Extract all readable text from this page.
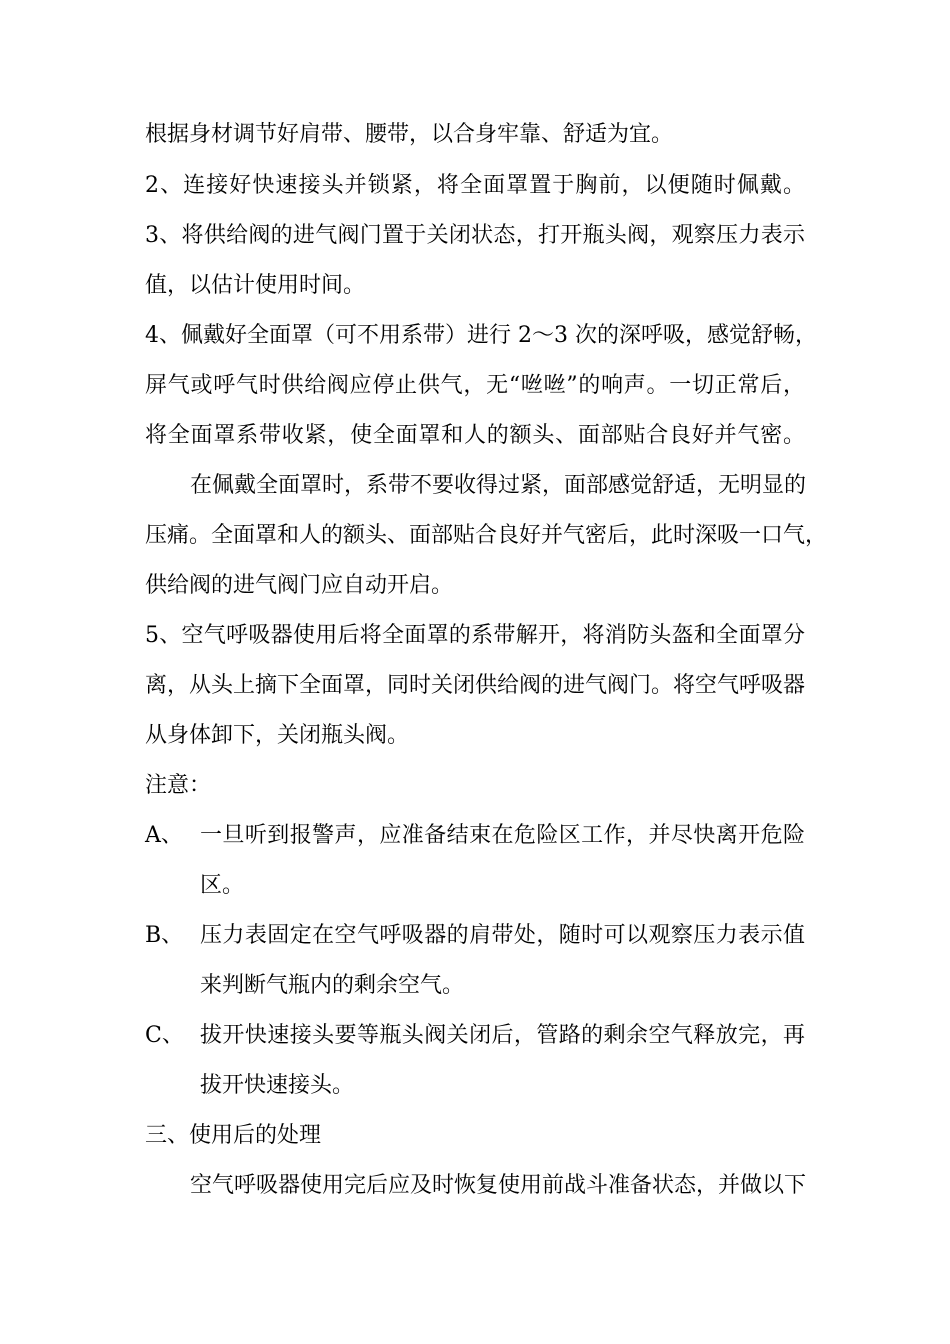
根据身材调节好肩带、腰带，以合身牢靠、舒适为宜。
2、连接好快速接头并锁紧，将全面罩置于胸前，以便随时佩戴。
3、将供给阀的进气阀门置于关闭状态，打开瓶头阀，观察压力表示
值，以估计使用时间。
4、佩戴好全面罩（可不用系带）进行 2～3 次的深呼吸，感觉舒畅，
屏气或呼气时供给阀应停止供气，无“咝咝”的响声。一切正常后，
将全面罩系带收紧，使全面罩和人的额头、面部贴合良好并气密。
在佩戴全面罩时，系带不要收得过紧，面部感觉舒适，无明显的
压痛。全面罩和人的额头、面部贴合良好并气密后，此时深吸一口气，
供给阀的进气阀门应自动开启。
5、空气呼吸器使用后将全面罩的系带解开，将消防头盔和全面罩分
离，从头上摘下全面罩，同时关闭供给阀的进气阀门。将空气呼吸器
从身体卸下，关闭瓶头阀。
注意：
A、 一旦听到报警声，应准备结束在危险区工作，并尽快离开危险
区。
B、 压力表固定在空气呼吸器的肩带处，随时可以观察压力表示值
来判断气瓶内的剩余空气。
C、 拔开快速接头要等瓶头阀关闭后，管路的剩余空气释放完，再
拔开快速接头。
三、使用后的处理
空气呼吸器使用完后应及时恢复使用前战斗准备状态，并做以下
